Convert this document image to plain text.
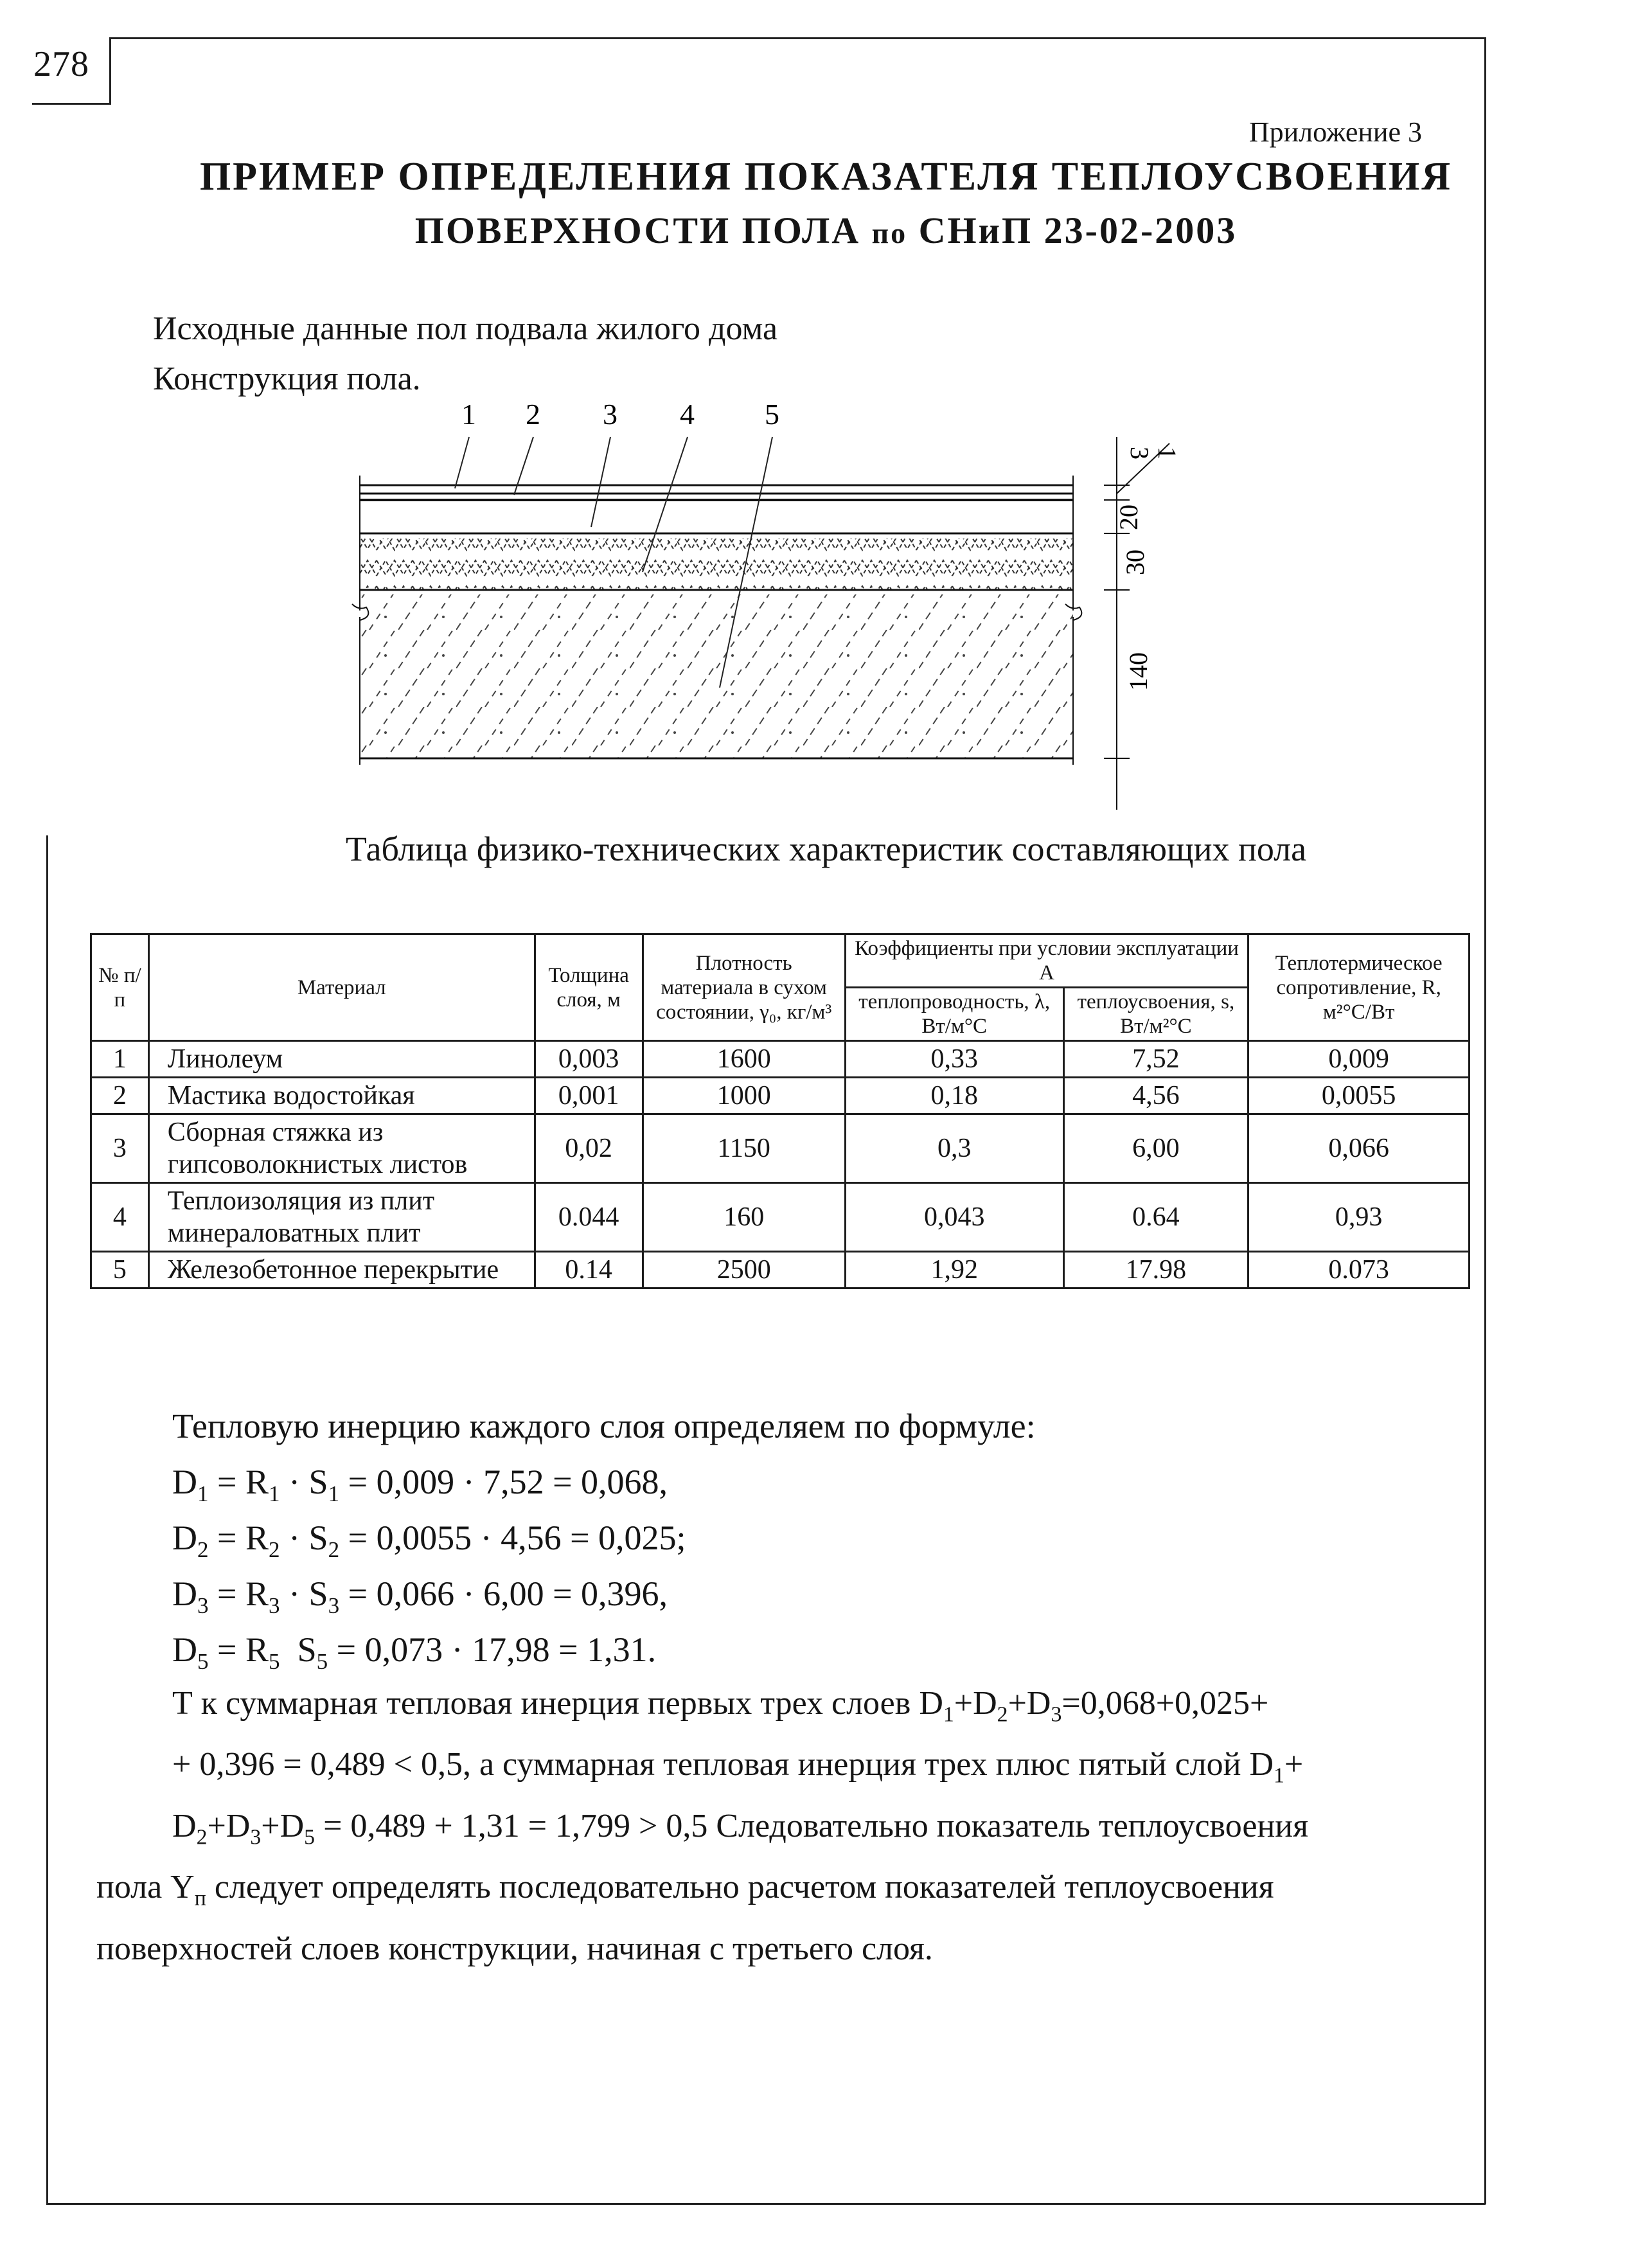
278
Приложение 3
ПРИМЕР ОПРЕДЕЛЕНИЯ ПОКАЗАТЕЛЯ ТЕПЛОУСВОЕНИЯ
ПОВЕРХНОСТИ ПОЛА по СНиП 23-02-2003
Исходные данные пол подвала жилого дома
Конструкция пола.
1 2 3 4 5
3
1
20
30
140
Таблица физико-технических характеристик составляющих пола
№ п/п	Материал	Толщина слоя, м	Плотность материала в сухом состоянии, γ₀, кг/м³	Коэффициенты при условии эксплуатации А		Теплотермическое сопротивление, R, м²°С/Вт
				теплопроводность, λ, Вт/м°С	теплоусвоения, s, Вт/м²°С	
1	Линолеум	0,003	1600	0,33	7,52	0,009
2	Мастика водостойкая	0,001	1000	0,18	4,56	0,0055
3	Сборная стяжка из гипсоволокнистых листов	0,02	1150	0,3	6,00	0,066
4	Теплоизоляция из плит минераловатных плит	0.044	160	0,043	0.64	0,93
5	Железобетонное перекрытие	0.14	2500	1,92	17.98	0.073
Тепловую инерцию каждого слоя определяем по формуле:
$D_1 = R_1 \cdot S_1 = 0,009 \cdot 7,52 = 0,068$,
$D_2 = R_2 \cdot S_2 = 0,0055 \cdot 4,56 = 0,025$;
$D_3 = R_3 \cdot S_3 = 0,066 \cdot 6,00 = 0,396$,
$D_5 = R_5$  $S_5 = 0,073 \cdot 17,98 = 1,31$.
Т к суммарная тепловая инерция первых трех слоев $D_1+D_2+D_3=0,068+0,025+$
+ 0,396 = 0,489 < 0,5, а суммарная тепловая инерция трех плюс пятый слой $D_1+$
$D_2+D_3+D_5 = 0,489 + 1,31 = 1,799 > 0,5$ Следовательно показатель теплоусвоения
пола $Y_п$ следует определять последовательно расчетом показателей теплоусвоения
поверхностей слоев конструкции, начиная с третьего слоя.
